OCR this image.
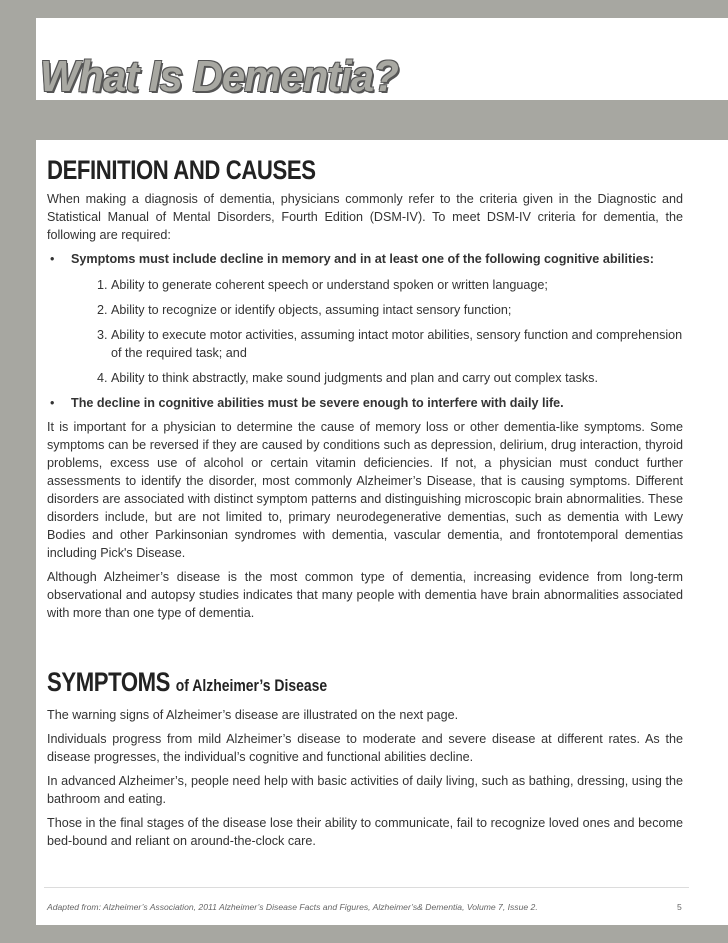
What Is Dementia?
DEFINITION AND CAUSES

When making a diagnosis of dementia, physicians commonly refer to the criteria given in the Diagnostic and Statistical Manual of Mental Disorders, Fourth Edition (DSM-IV). To meet DSM-IV criteria for dementia, the following are required:

• Symptoms must include decline in memory and in at least one of the following cognitive abilities:
1. Ability to generate coherent speech or understand spoken or written language;
2. Ability to recognize or identify objects, assuming intact sensory function;
3. Ability to execute motor activities, assuming intact motor abilities, sensory function and comprehension of the required task; and
4. Ability to think abstractly, make sound judgments and plan and carry out complex tasks.
• The decline in cognitive abilities must be severe enough to interfere with daily life.

It is important for a physician to determine the cause of memory loss or other dementia-like symptoms. Some symptoms can be reversed if they are caused by conditions such as depression, delirium, drug interaction, thyroid problems, excess use of alcohol or certain vitamin deficiencies. If not, a physician must conduct further assessments to identify the disorder, most commonly Alzheimer’s Disease, that is causing symptoms. Different disorders are associated with distinct symptom patterns and distinguishing microscopic brain abnormalities. These disorders include, but are not limited to, primary neurodegenerative dementias, such as dementia with Lewy Bodies and other Parkinsonian syndromes with dementia, vascular dementia, and frontotemporal dementias including Pick's Disease.

Although Alzheimer’s disease is the most common type of dementia, increasing evidence from long-term observational and autopsy studies indicates that many people with dementia have brain abnormalities associated with more than one type of dementia.

SYMPTOMS of Alzheimer’s Disease

The warning signs of Alzheimer’s disease are illustrated on the next page.

Individuals progress from mild Alzheimer’s disease to moderate and severe disease at different rates. As the disease progresses, the individual’s cognitive and functional abilities decline.

In advanced Alzheimer’s, people need help with basic activities of daily living, such as bathing, dressing, using the bathroom and eating.

Those in the final stages of the disease lose their ability to communicate, fail to recognize loved ones and become bed-bound and reliant on around-the-clock care.

Adapted from: Alzheimer’s Association, 2011 Alzheimer’s Disease Facts and Figures, Alzheimer’s& Dementia, Volume 7, Issue 2.	5
